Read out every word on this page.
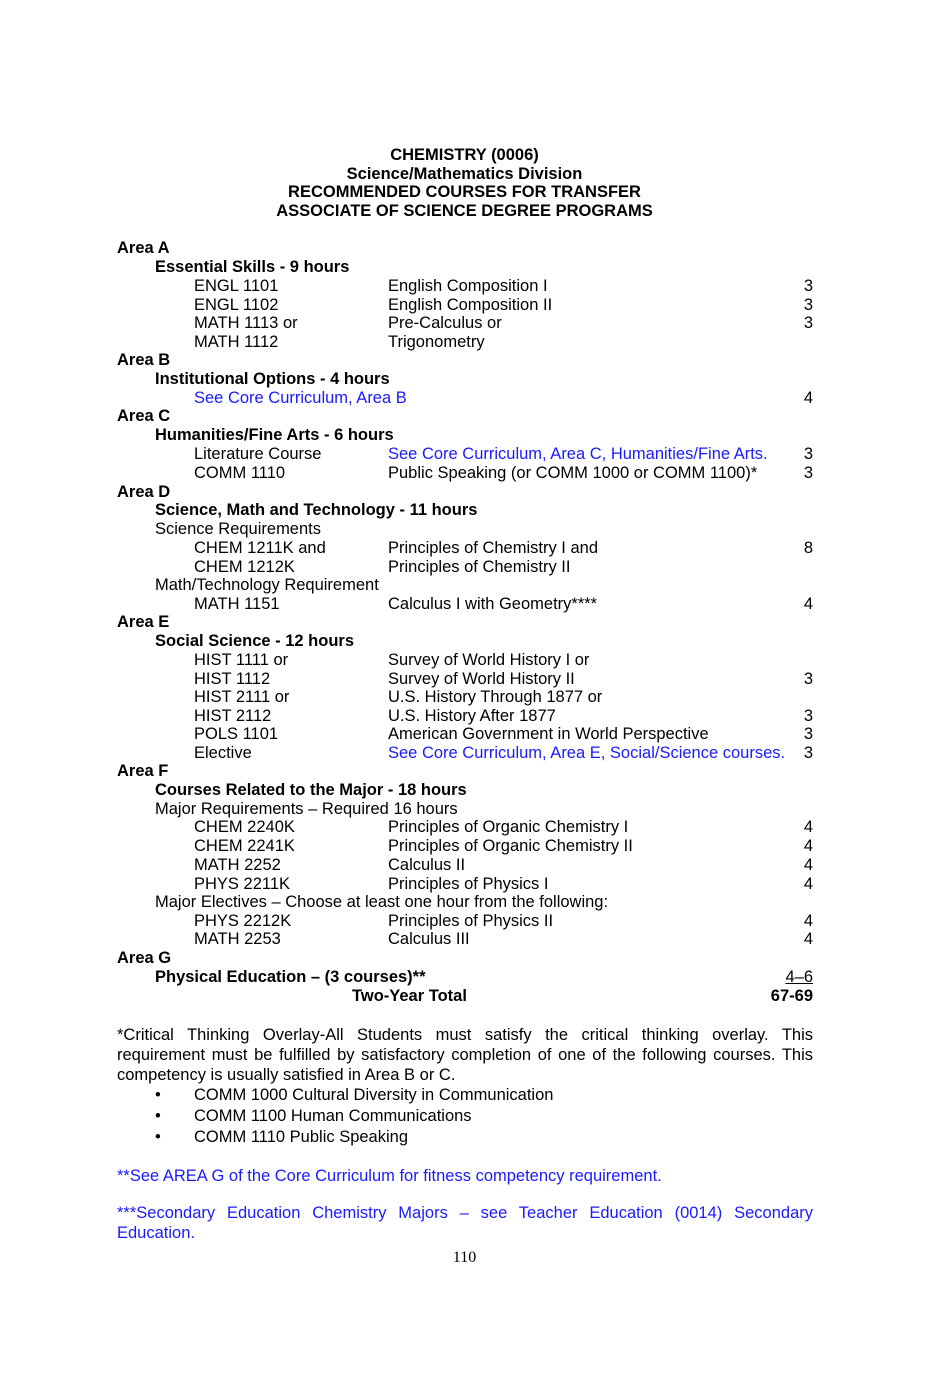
CHEMISTRY (0006)
Science/Mathematics Division
RECOMMENDED COURSES FOR TRANSFER
ASSOCIATE OF SCIENCE DEGREE PROGRAMS
Area A
Essential Skills - 9 hours
ENGL 1101	English Composition I	3
ENGL 1102	English Composition II	3
MATH 1113 or	Pre-Calculus or	3
MATH 1112	Trigonometry
Area B
Institutional Options - 4 hours
See Core Curriculum, Area B	4
Area C
Humanities/Fine Arts - 6 hours
Literature Course	See Core Curriculum, Area C, Humanities/Fine Arts. 3
COMM 1110	Public Speaking (or COMM 1000 or COMM 1100)*	3
Area D
Science, Math and Technology - 11 hours
Science Requirements
CHEM 1211K and	Principles of Chemistry I and	8
CHEM 1212K	Principles of Chemistry II
Math/Technology Requirement
MATH 1151	Calculus I with Geometry****	4
Area E
Social Science - 12 hours
HIST 1111 or	Survey of World History I or
HIST 1112	Survey of World History II	3
HIST 2111 or	U.S. History Through 1877 or
HIST 2112	U.S. History After 1877	3
POLS 1101	American Government in World Perspective	3
Elective	See Core Curriculum, Area E, Social/Science courses. 3
Area F
Courses Related to the Major - 18 hours
Major Requirements – Required 16 hours
CHEM 2240K	Principles of Organic Chemistry I	4
CHEM 2241K	Principles of Organic Chemistry II	4
MATH 2252	Calculus II	4
PHYS 2211K	Principles of Physics I	4
Major Electives – Choose at least one hour from the following:
PHYS 2212K	Principles of Physics II	4
MATH 2253	Calculus III	4
Area G
Physical Education – (3 courses)**	4–6
Two-Year Total	67-69
*Critical Thinking Overlay-All Students must satisfy the critical thinking overlay. This requirement must be fulfilled by satisfactory completion of one of the following courses. This competency is usually satisfied in Area B or C.
• COMM 1000 Cultural Diversity in Communication
• COMM 1100 Human Communications
• COMM 1110 Public Speaking
**See AREA G of the Core Curriculum for fitness competency requirement.
***Secondary Education Chemistry Majors – see Teacher Education (0014) Secondary Education.
110
